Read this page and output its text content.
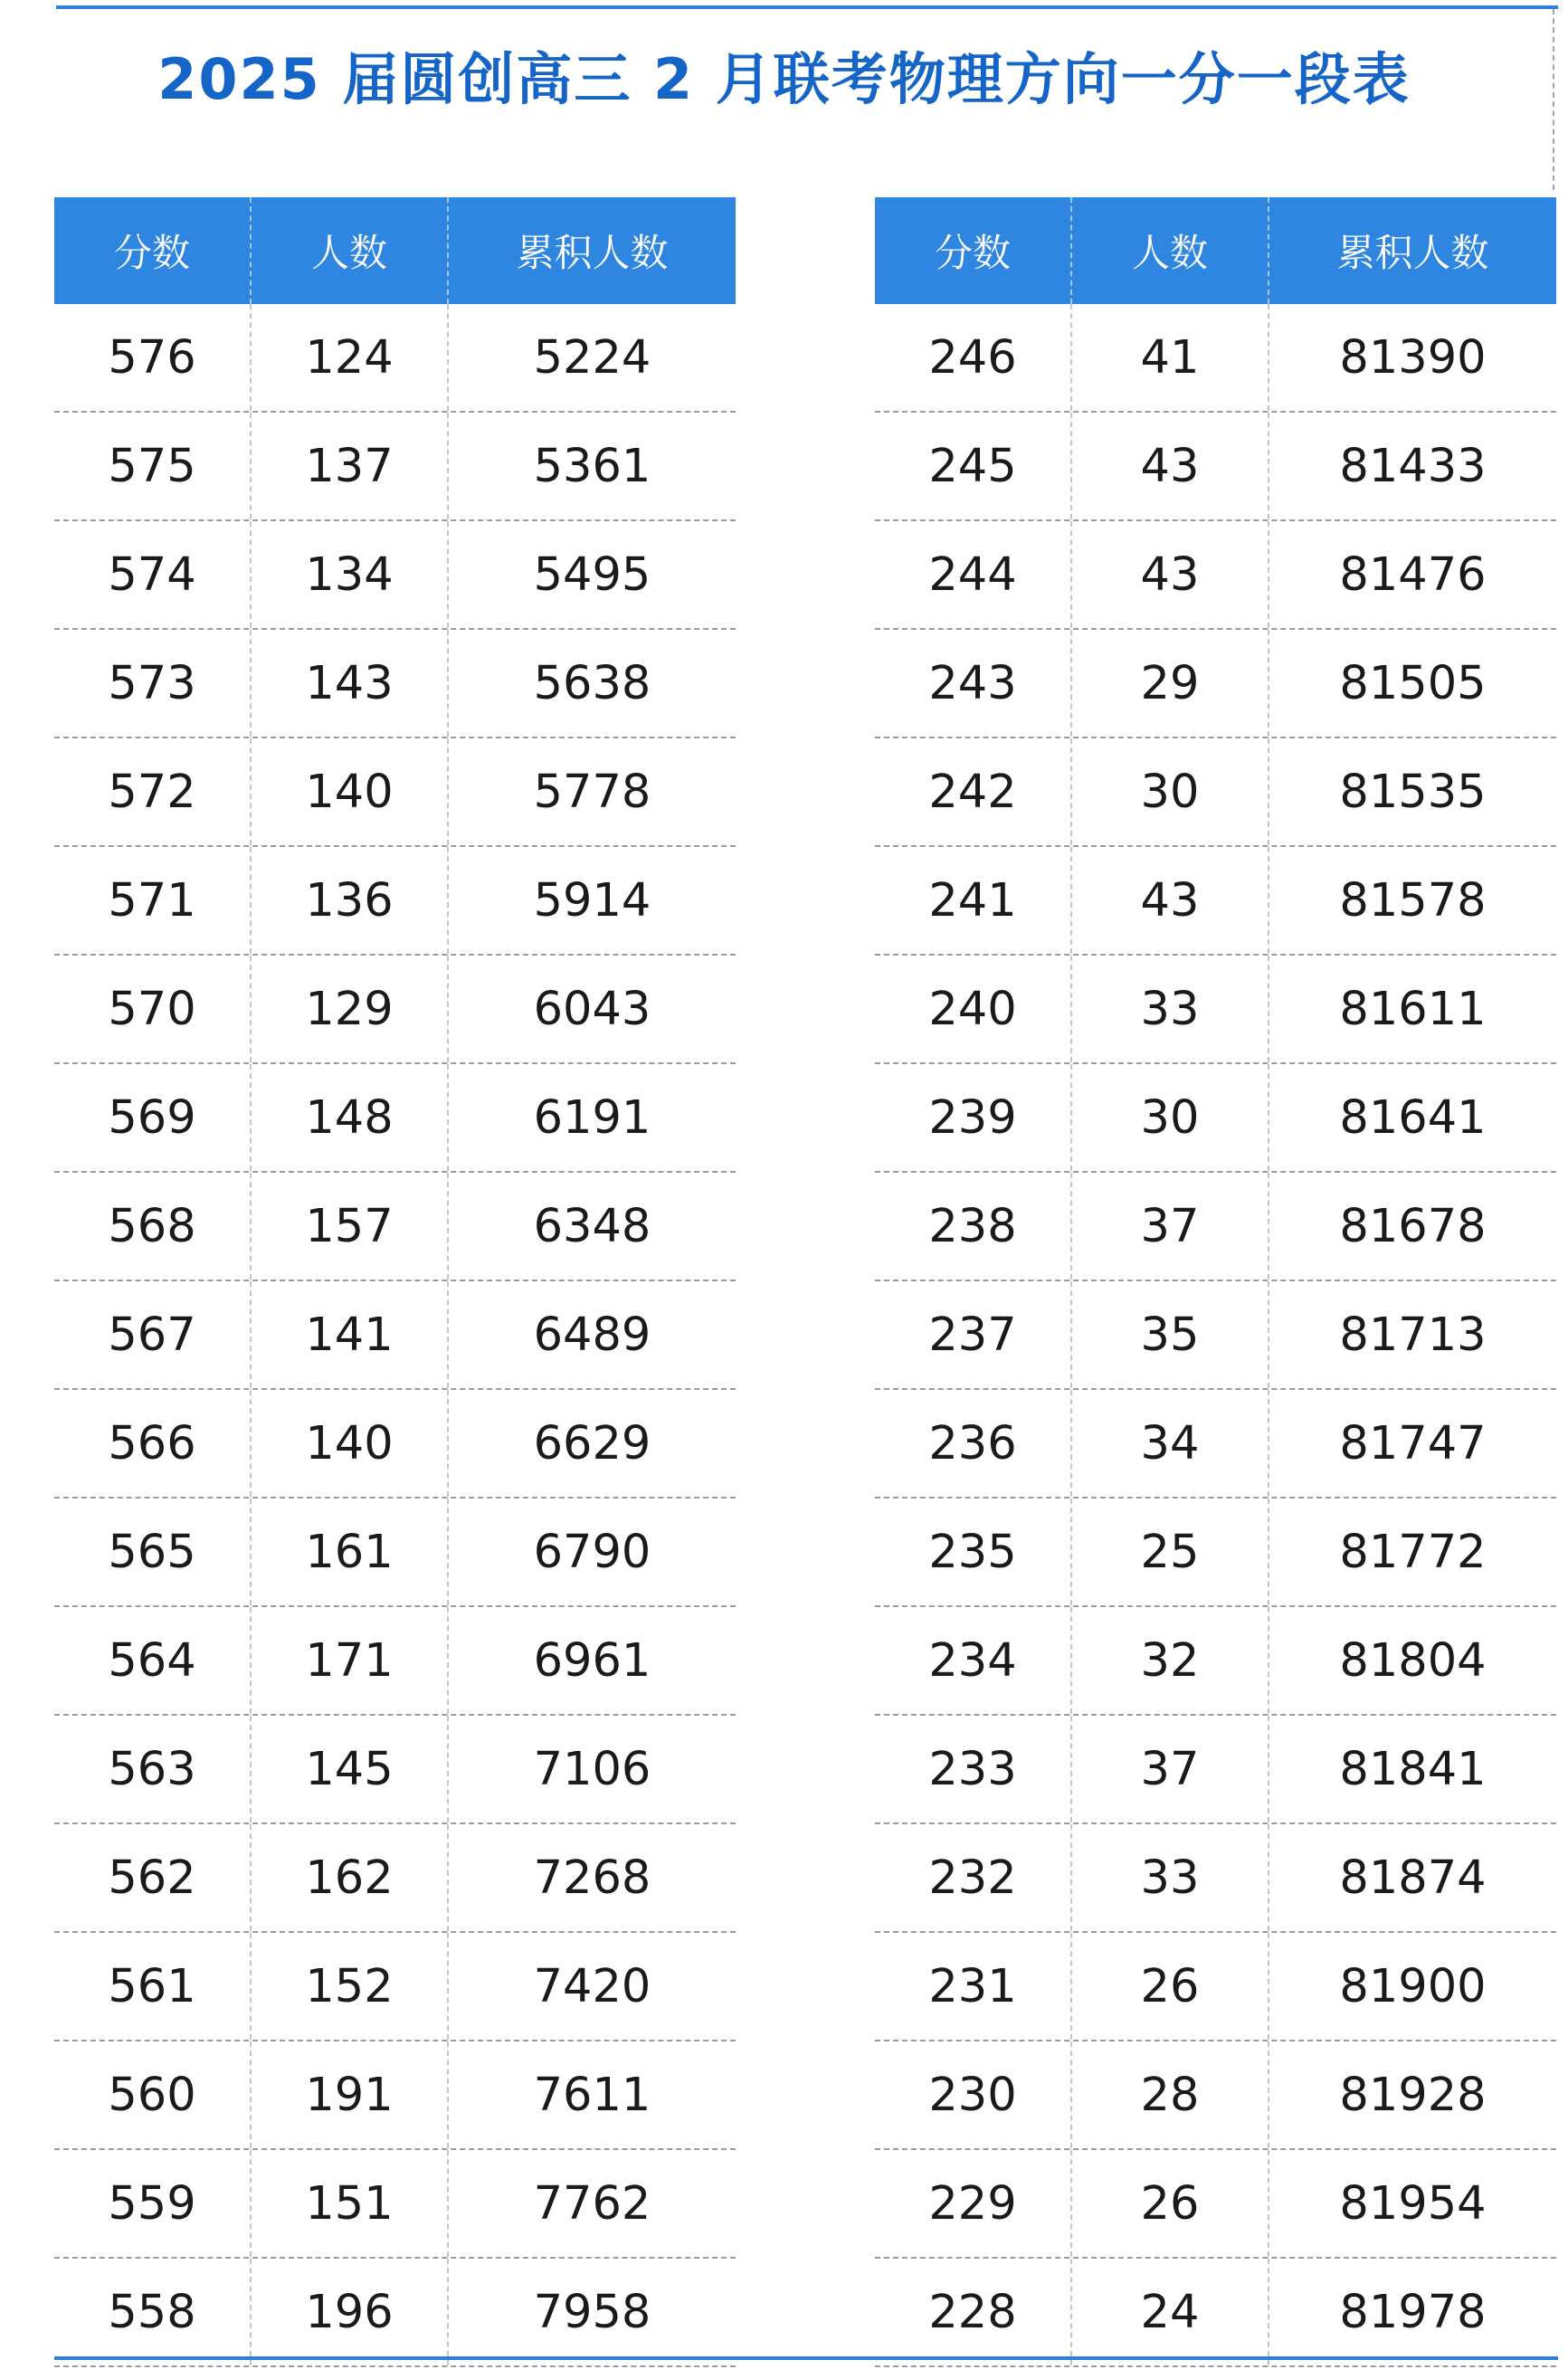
2025 届圆创高三 2 月联考物理方向一分一段表
分数	人数	累积人数
576	124	5224
575	137	5361
574	134	5495
573	143	5638
572	140	5778
571	136	5914
570	129	6043
569	148	6191
568	157	6348
567	141	6489
566	140	6629
565	161	6790
564	171	6961
563	145	7106
562	162	7268
561	152	7420
560	191	7611
559	151	7762
558	196	7958
分数	人数	累积人数
246	41	81390
245	43	81433
244	43	81476
243	29	81505
242	30	81535
241	43	81578
240	33	81611
239	30	81641
238	37	81678
237	35	81713
236	34	81747
235	25	81772
234	32	81804
233	37	81841
232	33	81874
231	26	81900
230	28	81928
229	26	81954
228	24	81978
